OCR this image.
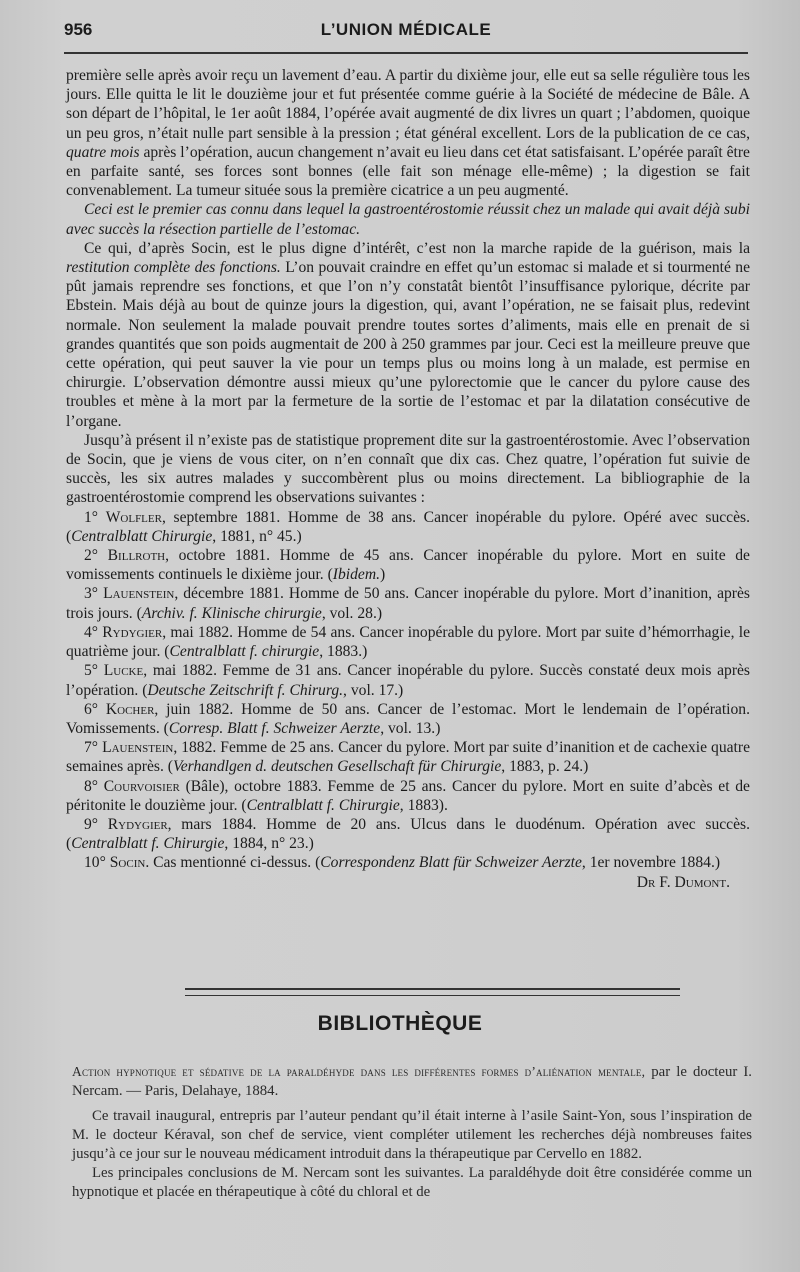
956	L’UNION MÉDICALE

première selle après avoir reçu un lavement d’eau. A partir du dixième jour, elle eut sa selle régulière tous les jours. Elle quitta le lit le douzième jour et fut présentée comme guérie à la Société de médecine de Bâle. A son départ de l’hôpital, le 1er août 1884, l’opérée avait augmenté de dix livres un quart ; l’abdomen, quoique un peu gros, n’était nulle part sensible à la pression ; état général excellent. Lors de la publication de ce cas, quatre mois après l’opération, aucun changement n’avait eu lieu dans cet état satisfaisant. L’opérée paraît être en parfaite santé, ses forces sont bonnes (elle fait son ménage elle-même) ; la digestion se fait convenablement. La tumeur située sous la première cicatrice a un peu augmenté.

Ceci est le premier cas connu dans lequel la gastroentérostomie réussit chez un malade qui avait déjà subi avec succès la résection partielle de l’estomac.

Ce qui, d’après Socin, est le plus digne d’intérêt, c’est non la marche rapide de la guérison, mais la restitution complète des fonctions. L’on pouvait craindre en effet qu’un estomac si malade et si tourmenté ne pût jamais reprendre ses fonctions, et que l’on n’y constatât bientôt l’insuffisance pylorique, décrite par Ebstein. Mais déjà au bout de quinze jours la digestion, qui, avant l’opération, ne se faisait plus, redevint normale. Non seulement la malade pouvait prendre toutes sortes d’aliments, mais elle en prenait de si grandes quantités que son poids augmentait de 200 à 250 grammes par jour. Ceci est la meilleure preuve que cette opération, qui peut sauver la vie pour un temps plus ou moins long à un malade, est permise en chirurgie. L’observation démontre aussi mieux qu’une pylorectomie que le cancer du pylore cause des troubles et mène à la mort par la fermeture de la sortie de l’estomac et par la dilatation consécutive de l’organe.

Jusqu’à présent il n’existe pas de statistique proprement dite sur la gastroentérostomie. Avec l’observation de Socin, que je viens de vous citer, on n’en connaît que dix cas. Chez quatre, l’opération fut suivie de succès, les six autres malades y succombèrent plus ou moins directement. La bibliographie de la gastroentérostomie comprend les observations suivantes :

1° Wolfler, septembre 1881. Homme de 38 ans. Cancer inopérable du pylore. Opéré avec succès. (Centralblatt Chirurgie, 1881, n° 45.)

2° Billroth, octobre 1881. Homme de 45 ans. Cancer inopérable du pylore. Mort en suite de vomissements continuels le dixième jour. (Ibidem.)

3° Lauenstein, décembre 1881. Homme de 50 ans. Cancer inopérable du pylore. Mort d’inanition, après trois jours. (Archiv. f. Klinische chirurgie, vol. 28.)

4° Rydygier, mai 1882. Homme de 54 ans. Cancer inopérable du pylore. Mort par suite d’hémorrhagie, le quatrième jour. (Centralblatt f. chirurgie, 1883.)

5° Lucke, mai 1882. Femme de 31 ans. Cancer inopérable du pylore. Succès constaté deux mois après l’opération. (Deutsche Zeitschrift f. Chirurg., vol. 17.)

6° Kocher, juin 1882. Homme de 50 ans. Cancer de l’estomac. Mort le lendemain de l’opération. Vomissements. (Corresp. Blatt f. Schweizer Aerzte, vol. 13.)

7° Lauenstein, 1882. Femme de 25 ans. Cancer du pylore. Mort par suite d’inanition et de cachexie quatre semaines après. (Verhandlgen d. deutschen Gesellschaft für Chirurgie, 1883, p. 24.)

8° Courvoisier (Bâle), octobre 1883. Femme de 25 ans. Cancer du pylore. Mort en suite d’abcès et de péritonite le douzième jour. (Centralblatt f. Chirurgie, 1883).

9° Rydygier, mars 1884. Homme de 20 ans. Ulcus dans le duodénum. Opération avec succès. (Centralblatt f. Chirurgie, 1884, n° 23.)

10° Socin. Cas mentionné ci-dessus. (Correspondenz Blatt für Schweizer Aerzte, 1er novembre 1884.)

Dr F. Dumont.

BIBLIOTHÈQUE

Action hypnotique et sédative de la paraldéhyde dans les différentes formes d’aliénation mentale, par le docteur I. Nercam. — Paris, Delahaye, 1884.

Ce travail inaugural, entrepris par l’auteur pendant qu’il était interne à l’asile Saint-Yon, sous l’inspiration de M. le docteur Kéraval, son chef de service, vient compléter utilement les recherches déjà nombreuses faites jusqu’à ce jour sur le nouveau médicament introduit dans la thérapeutique par Cervello en 1882.

Les principales conclusions de M. Nercam sont les suivantes. La paraldéhyde doit être considérée comme un hypnotique et placée en thérapeutique à côté du chloral et de
